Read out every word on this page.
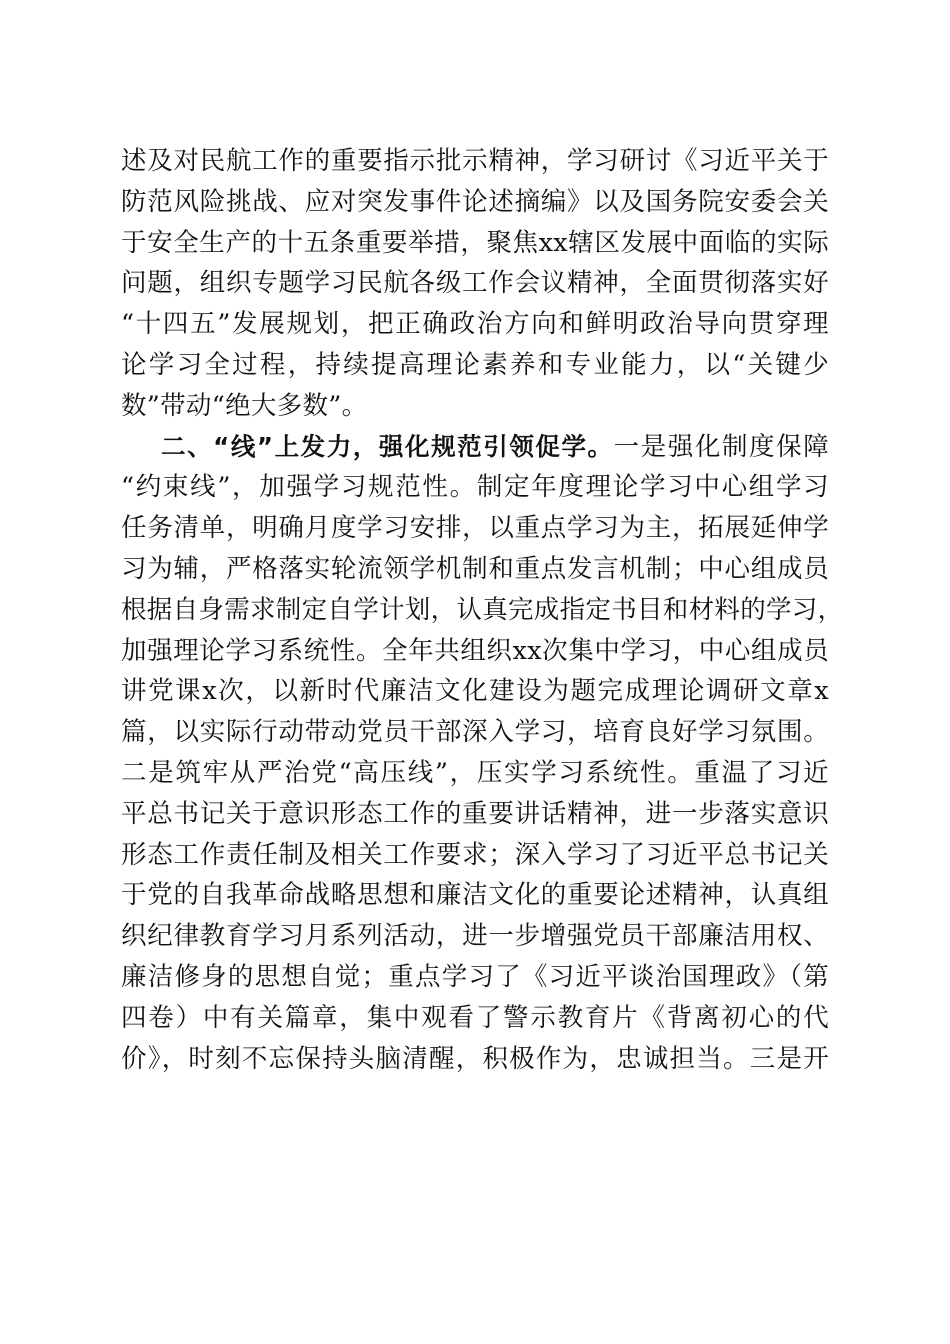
述及对民航工作的重要指示批示精神，学习研讨《习近平关于
防范风险挑战、应对突发事件论述摘编》以及国务院安委会关
于安全生产的十五条重要举措，聚焦xx辖区发展中面临的实际
问题，组织专题学习民航各级工作会议精神，全面贯彻落实好
“十四五”发展规划，把正确政治方向和鲜明政治导向贯穿理
论学习全过程，持续提高理论素养和专业能力，以“关键少
数”带动“绝大多数”。
二、“线”上发力，强化规范引领促学。一是强化制度保障
“约束线”，加强学习规范性。制定年度理论学习中心组学习
任务清单，明确月度学习安排，以重点学习为主，拓展延伸学
习为辅，严格落实轮流领学机制和重点发言机制；中心组成员
根据自身需求制定自学计划，认真完成指定书目和材料的学习，
加强理论学习系统性。全年共组织xx次集中学习，中心组成员
讲党课x次，以新时代廉洁文化建设为题完成理论调研文章x
篇，以实际行动带动党员干部深入学习，培育良好学习氛围。
二是筑牢从严治党“高压线”，压实学习系统性。重温了习近
平总书记关于意识形态工作的重要讲话精神，进一步落实意识
形态工作责任制及相关工作要求；深入学习了习近平总书记关
于党的自我革命战略思想和廉洁文化的重要论述精神，认真组
织纪律教育学习月系列活动，进一步增强党员干部廉洁用权、
廉洁修身的思想自觉；重点学习了《习近平谈治国理政》（第
四卷）中有关篇章，集中观看了警示教育片《背离初心的代
价》，时刻不忘保持头脑清醒，积极作为，忠诚担当。三是开
